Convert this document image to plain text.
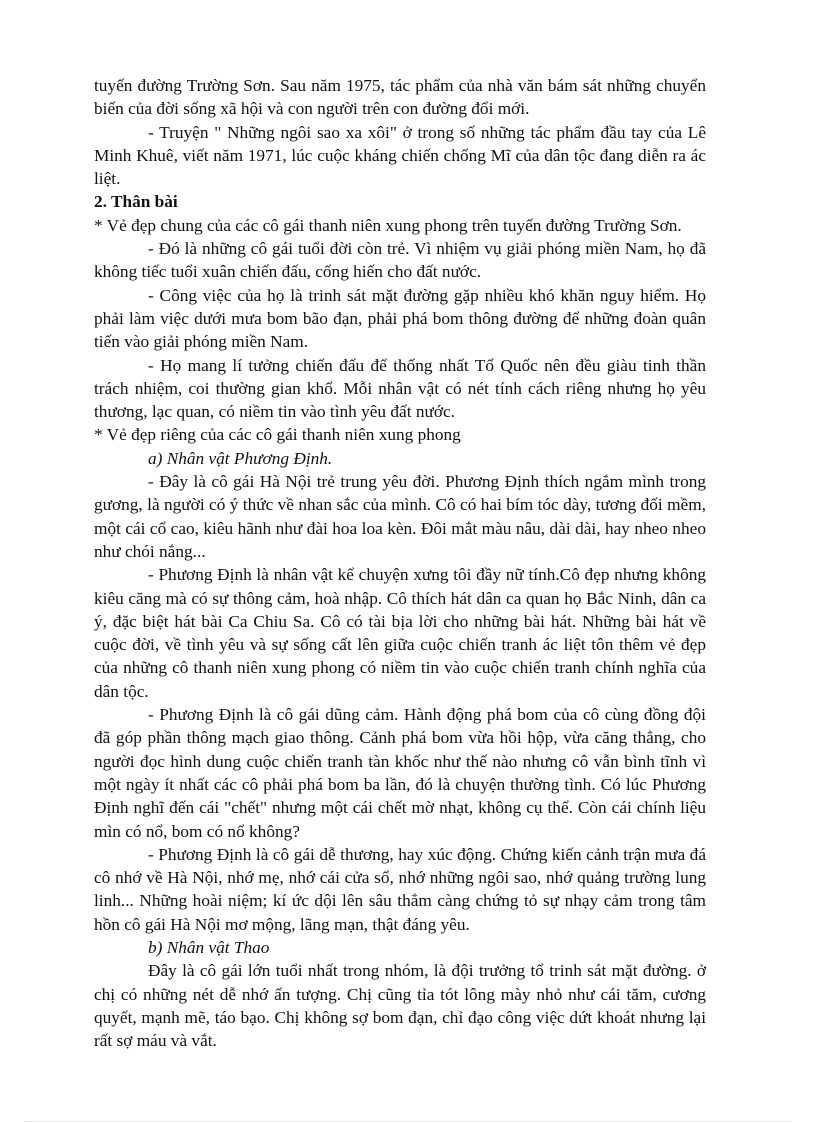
tuyến đường Trường Sơn. Sau năm 1975, tác phẩm của nhà văn bám sát những chuyển biến của đời sống xã hội và con người trên con đường đổi mới.

- Truyện " Những ngôi sao xa xôi" ở trong số những tác phẩm đầu tay của Lê Minh Khuê, viết năm 1971, lúc cuộc kháng chiến chống Mĩ của dân tộc đang diễn ra ác liệt.

2. Thân bài

* Vẻ đẹp chung của các cô gái thanh niên xung phong trên tuyến đường Trường Sơn.

- Đó là những cô gái tuổi đời còn trẻ. Vì nhiệm vụ giải phóng miền Nam, họ đã không tiếc tuổi xuân chiến đấu, cống hiến cho đất nước.

- Công việc của họ là trinh sát mặt đường gặp nhiều khó khăn nguy hiểm. Họ phải làm việc dưới mưa bom bão đạn, phải phá bom thông đường để những đoàn quân tiến vào giải phóng miền Nam.

- Họ mang lí tưởng chiến đấu để thống nhất Tổ Quốc nên đều giàu tinh thần trách nhiệm, coi thường gian khổ. Mỗi nhân vật có nét tính cách riêng nhưng họ yêu thương, lạc quan, có niềm tin vào tình yêu đất nước.

* Vẻ đẹp riêng của các cô gái thanh niên xung phong

a) Nhân vật Phương Định.

- Đây là cô gái Hà Nội trẻ trung yêu đời. Phương Định thích ngắm mình trong gương, là người có ý thức về nhan sắc của mình. Cô có hai bím tóc dày, tương đối mềm, một cái cổ cao, kiêu hãnh như đài hoa loa kèn. Đôi mắt màu nâu, dài dài, hay nheo nheo như chói nắng...

- Phương Định là nhân vật kể chuyện xưng tôi đầy nữ tính.Cô đẹp nhưng không kiêu căng mà có sự thông cảm, hoà nhập. Cô thích hát dân ca quan họ Bắc Ninh, dân ca ý, đặc biệt hát bài Ca Chiu Sa. Cô có tài bịa lời cho những bài hát. Những bài hát về cuộc đời, về tình yêu và sự sống cất lên giữa cuộc chiến tranh ác liệt tôn thêm vẻ đẹp của những cô thanh niên xung phong có niềm tin vào cuộc chiến tranh chính nghĩa của dân tộc.

- Phương Định là cô gái dũng cảm. Hành động phá bom của cô cùng đồng đội đã góp phần thông mạch giao thông. Cảnh phá bom vừa hồi hộp, vừa căng thẳng, cho người đọc hình dung cuộc chiến tranh tàn khốc như thế nào nhưng cô vẫn bình tĩnh vì một ngày ít nhất các cô phải phá bom ba lần, đó là chuyện thường tình. Có lúc Phương Định nghĩ đến cái "chết" nhưng một cái chết mờ nhạt, không cụ thể. Còn cái chính liệu mìn có nổ, bom có nổ không?

- Phương Định là cô gái dễ thương, hay xúc động. Chứng kiến cảnh trận mưa đá cô nhớ về Hà Nội, nhớ mẹ, nhớ cái cửa sổ, nhớ những ngôi sao, nhớ quảng trường lung linh... Những hoài niệm; kí ức dội lên sâu thẳm càng chứng tỏ sự nhạy cảm trong tâm hồn cô gái Hà Nội mơ mộng, lãng mạn, thật đáng yêu.

b) Nhân vật Thao

Đây là cô gái lớn tuổi nhất trong nhóm, là đội trưởng tổ trinh sát mặt đường. ở chị có những nét dễ nhớ ấn tượng. Chị cũng tỉa tót lông mày nhỏ như cái tăm, cương quyết, mạnh mẽ, táo bạo. Chị không sợ bom đạn, chỉ đạo công việc dứt khoát nhưng lại rất sợ máu và vắt.
